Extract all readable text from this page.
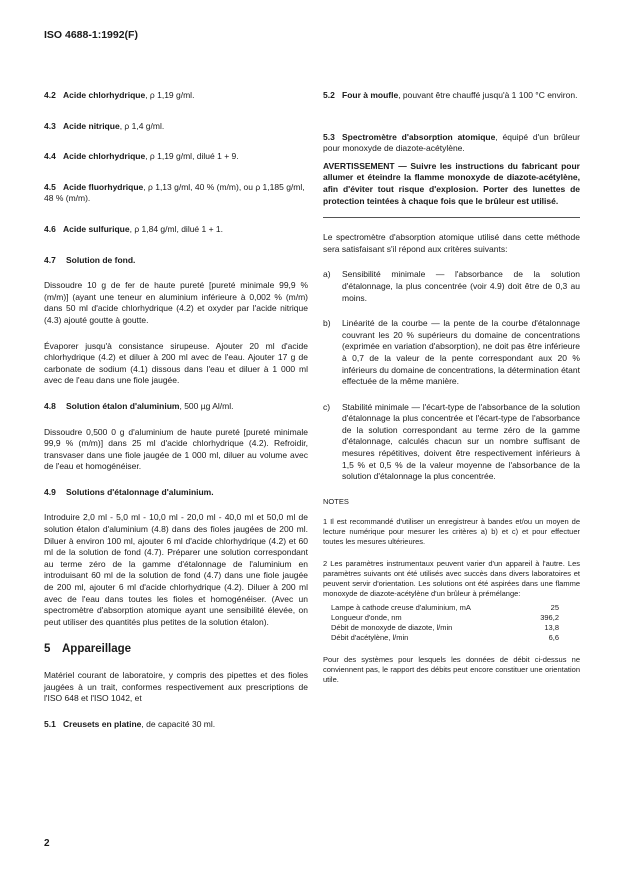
ISO 4688-1:1992(F)
4.2 Acide chlorhydrique, ρ 1,19 g/ml.
4.3 Acide nitrique, ρ 1,4 g/ml.
4.4 Acide chlorhydrique, ρ 1,19 g/ml, dilué 1 + 9.
4.5 Acide fluorhydrique, ρ 1,13 g/ml, 40 % (m/m), ou ρ 1,185 g/ml, 48 % (m/m).
4.6 Acide sulfurique, ρ 1,84 g/ml, dilué 1 + 1.
4.7 Solution de fond.

Dissoudre 10 g de fer de haute pureté [pureté minimale 99,9 % (m/m)] (ayant une teneur en aluminium inférieure à 0,002 % (m/m) dans 50 ml d'acide chlorhydrique (4.2) et oxyder par l'acide nitrique (4.3) ajouté goutte à goutte.

Évaporer jusqu'à consistance sirupeuse. Ajouter 20 ml d'acide chlorhydrique (4.2) et diluer à 200 ml avec de l'eau. Ajouter 17 g de carbonate de sodium (4.1) dissous dans l'eau et diluer à 1 000 ml avec de l'eau dans une fiole jaugée.

4.8 Solution étalon d'aluminium, 500 µg Al/ml.

Dissoudre 0,500 0 g d'aluminium de haute pureté [pureté minimale 99,9 % (m/m)] dans 25 ml d'acide chlorhydrique (4.2). Refroidir, transvaser dans une fiole jaugée de 1 000 ml, diluer au volume avec de l'eau et homogénéiser.

4.9 Solutions d'étalonnage d'aluminium.

Introduire 2,0 ml - 5,0 ml - 10,0 ml - 20,0 ml - 40,0 ml et 50,0 ml de solution étalon d'aluminium (4.8) dans des fioles jaugées de 200 ml. Diluer à environ 100 ml, ajouter 6 ml d'acide chlorhydrique (4.2) et 60 ml de la solution de fond (4.7). Préparer une solution correspondant au terme zéro de la gamme d'étalonnage de l'aluminium en introduisant 60 ml de la solution de fond (4.7) dans une fiole jaugée de 200 ml, ajouter 6 ml d'acide chlorhydrique (4.2). Diluer à 200 ml avec de l'eau dans toutes les fioles et homogénéiser. (Avec un spectromètre d'absorption atomique ayant une sensibilité élevée, on peut utiliser des quantités plus petites de la solution étalon).

5 Appareillage

Matériel courant de laboratoire, y compris des pipettes et des fioles jaugées à un trait, conformes respectivement aux prescriptions de l'ISO 648 et l'ISO 1042, et

5.1 Creusets en platine, de capacité 30 ml.

5.2 Four à moufle, pouvant être chauffé jusqu'à 1 100 °C environ.

5.3 Spectromètre d'absorption atomique, équipé d'un brûleur pour monoxyde de diazote-acétylène.

AVERTISSEMENT — Suivre les instructions du fabricant pour allumer et éteindre la flamme monoxyde de diazote-acétylène, afin d'éviter tout risque d'explosion. Porter des lunettes de protection teintées à chaque fois que le brûleur est utilisé.

Le spectromètre d'absorption atomique utilisé dans cette méthode sera satisfaisant s'il répond aux critères suivants:

a)	Sensibilité minimale — l'absorbance de la solution d'étalonnage, la plus concentrée (voir 4.9) doit être de 0,3 au moins.
b)	Linéarité de la courbe — la pente de la courbe d'étalonnage couvrant les 20 % supérieurs du domaine de concentrations (exprimée en variation d'absorption), ne doit pas être inférieure à 0,7 de la valeur de la pente correspondant aux 20 % inférieurs du domaine de concentrations, la détermination étant effectuée de la même manière.
c)	Stabilité minimale — l'écart-type de l'absorbance de la solution d'étalonnage la plus concentrée et l'écart-type de l'absorbance de la solution correspondant au terme zéro de la gamme d'étalonnage, calculés chacun sur un nombre suffisant de mesures répétitives, doivent être respectivement inférieurs à 1,5 % et 0,5 % de la valeur moyenne de l'absorbance de la solution d'étalonnage la plus concentrée.
NOTES

1 Il est recommandé d'utiliser un enregistreur à bandes et/ou un moyen de lecture numérique pour mesurer les critères a) b) et c) et pour effectuer toutes les mesures ultérieures.

2 Les paramètres instrumentaux peuvent varier d'un appareil à l'autre. Les paramètres suivants ont été utilisés avec succès dans divers laboratoires et peuvent servir d'orientation. Les solutions ont été aspirées dans une flamme monoxyde de diazote-acétylène d'un brûleur à prémélange:

Lampe à cathode creuse d'aluminium, mA	25
Longueur d'onde, nm	396,2
Débit de monoxyde de diazote, l/min	13,8
Débit d'acétylène, l/min	6,6

Pour des systèmes pour lesquels les données de débit ci-dessus ne conviennent pas, le rapport des débits peut encore constituer une orientation utile.

2
